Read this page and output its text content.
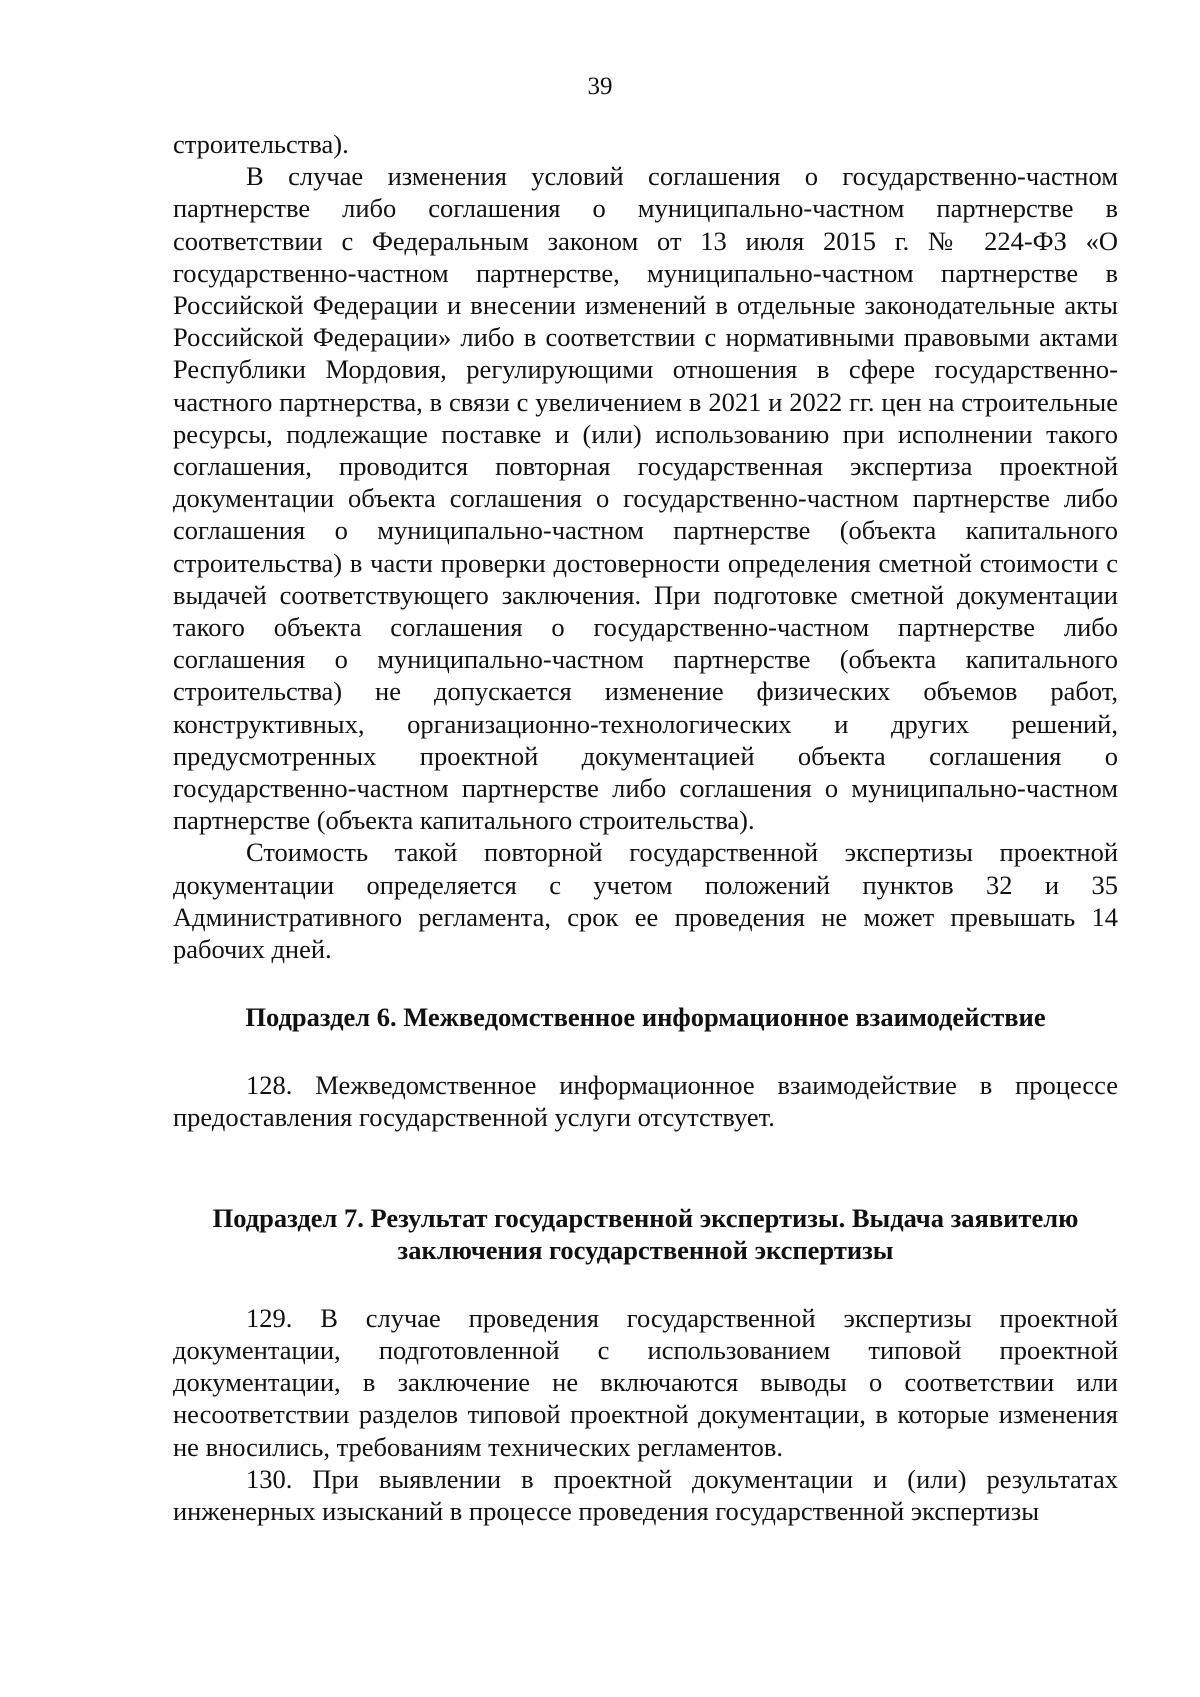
39

строительства).

В случае изменения условий соглашения о государственно-частном партнерстве либо соглашения о муниципально-частном партнерстве в соответствии с Федеральным законом от 13 июля 2015 г. № 224-ФЗ «О государственно-частном партнерстве, муниципально-частном партнерстве в Российской Федерации и внесении изменений в отдельные законодательные акты Российской Федерации» либо в соответствии с нормативными правовыми актами Республики Мордовия, регулирующими отношения в сфере государственно-частного партнерства, в связи с увеличением в 2021 и 2022 гг. цен на строительные ресурсы, подлежащие поставке и (или) использованию при исполнении такого соглашения, проводится повторная государственная экспертиза проектной документации объекта соглашения о государственно-частном партнерстве либо соглашения о муниципально-частном партнерстве (объекта капитального строительства) в части проверки достоверности определения сметной стоимости с выдачей соответствующего заключения. При подготовке сметной документации такого объекта соглашения о государственно-частном партнерстве либо соглашения о муниципально-частном партнерстве (объекта капитального строительства) не допускается изменение физических объемов работ, конструктивных, организационно-технологических и других решений, предусмотренных проектной документацией объекта соглашения о государственно-частном партнерстве либо соглашения о муниципально-частном партнерстве (объекта капитального строительства).

Стоимость такой повторной государственной экспертизы проектной документации определяется с учетом положений пунктов 32 и 35 Административного регламента, срок ее проведения не может превышать 14 рабочих дней.

Подраздел 6. Межведомственное информационное взаимодействие

128. Межведомственное информационное взаимодействие в процессе предоставления государственной услуги отсутствует.

Подраздел 7. Результат государственной экспертизы. Выдача заявителю
заключения государственной экспертизы

129. В случае проведения государственной экспертизы проектной документации, подготовленной с использованием типовой проектной документации, в заключение не включаются выводы о соответствии или несоответствии разделов типовой проектной документации, в которые изменения не вносились, требованиям технических регламентов.

130. При выявлении в проектной документации и (или) результатах инженерных изысканий в процессе проведения государственной экспертизы
